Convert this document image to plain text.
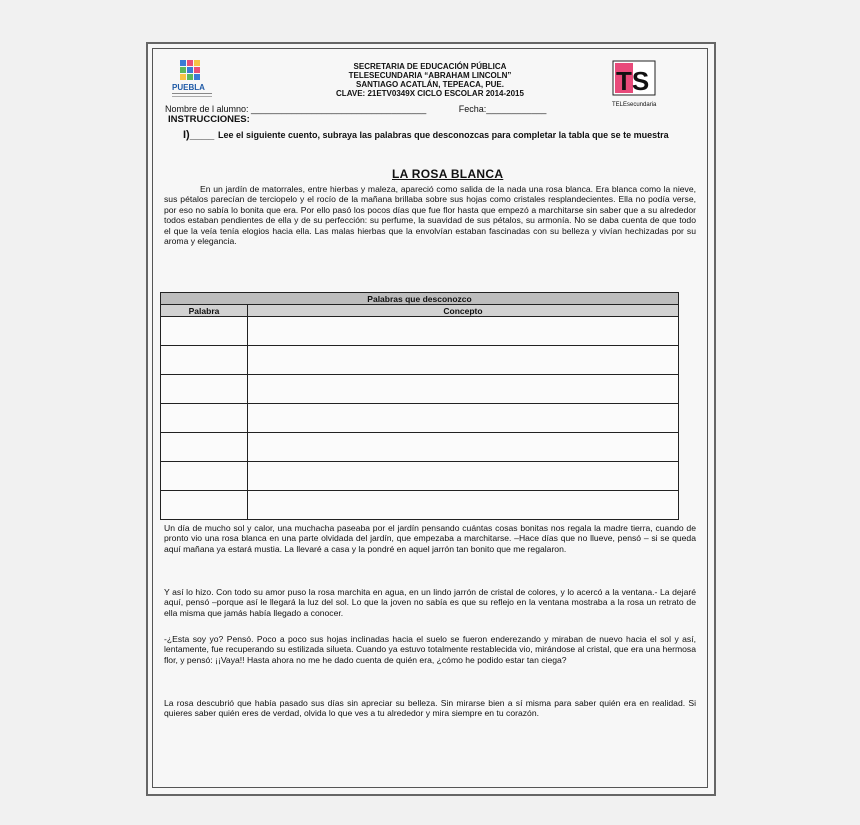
PUEBLA
SECRETARIA DE EDUCACIÓN PÚBLICA
TELESECUNDARIA “ABRAHAM LINCOLN”
SANTIAGO ACATLÁN, TEPEACA, PUE.
CLAVE: 21ETV0349X CICLO ESCOLAR 2014-2015	TS
TELEsecundaria
Nombre de l alumno: ___________________________________	Fecha:____________
INSTRUCCIONES:
I)____ Lee el siguiente cuento, subraya las palabras que desconozcas para completar la tabla que se te muestra
LA ROSA BLANCA

En un jardín de matorrales, entre hierbas y maleza, apareció como salida de la nada una rosa blanca. Era blanca como la nieve, sus pétalos parecían de terciopelo y el rocío de la mañana brillaba sobre sus hojas como cristales resplandecientes. Ella no podía verse, por eso no sabía lo bonita que era. Por ello pasó los pocos días que fue flor hasta que empezó a marchitarse sin saber que a su alrededor todos estaban pendientes de ella y de su perfección: su perfume, la suavidad de sus pétalos, su armonía. No se daba cuenta de que todo el que la veía tenía elogios hacia ella. Las malas hierbas que la envolvían estaban fascinadas con su belleza y vivían hechizadas por su aroma y elegancia.

Palabras que desconozco	
Palabra	Concepto

Un día de mucho sol y calor, una muchacha paseaba por el jardín pensando cuántas cosas bonitas nos regala la madre tierra, cuando de pronto vio una rosa blanca en una parte olvidada del jardín, que empezaba a marchitarse. –Hace días que no llueve, pensó – si se queda aquí mañana ya estará mustia. La llevaré a casa y la pondré en aquel jarrón tan bonito que me regalaron.

Y así lo hizo. Con todo su amor puso la rosa marchita en agua, en un lindo jarrón de cristal de colores, y lo acercó a la ventana.- La dejaré aquí, pensó –porque así le llegará la luz del sol. Lo que la joven no sabía es que su reflejo en la ventana mostraba a la rosa un retrato de ella misma que jamás había llegado a conocer.

-¿Esta soy yo? Pensó. Poco a poco sus hojas inclinadas hacia el suelo se fueron enderezando y miraban de nuevo hacia el sol y así, lentamente, fue recuperando su estilizada silueta. Cuando ya estuvo totalmente restablecida vio, mirándose al cristal, que era una hermosa flor, y pensó: ¡¡Vaya!! Hasta ahora no me he dado cuenta de quién era, ¿cómo he podido estar tan ciega?

La rosa descubrió que había pasado sus días sin apreciar su belleza. Sin mirarse bien a sí misma para saber quién era en realidad. Si quieres saber quién eres de verdad, olvida lo que ves a tu alrededor y mira siempre en tu corazón.
